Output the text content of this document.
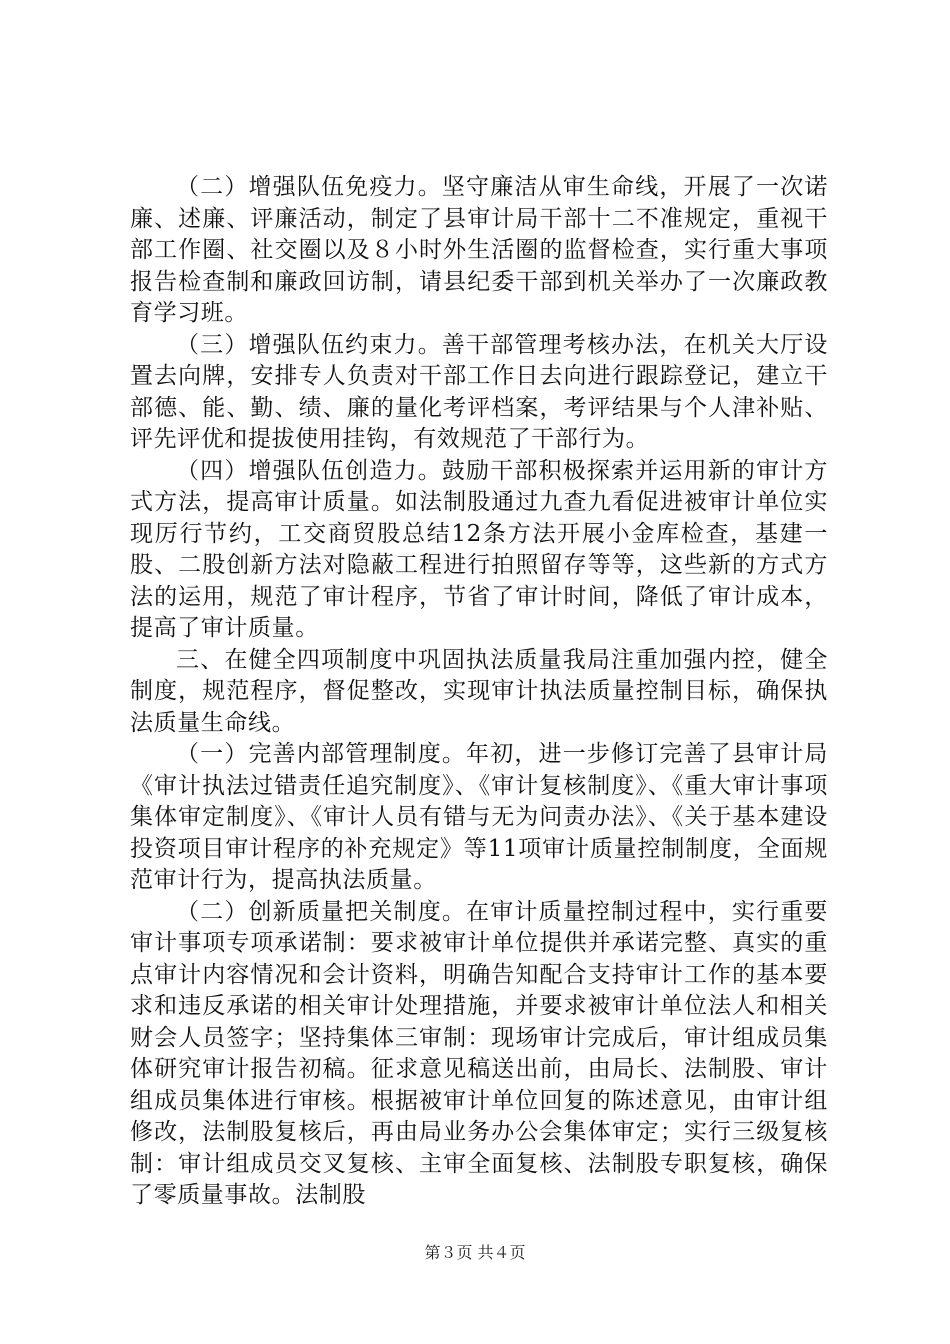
（二）增强队伍免疫力。坚守廉洁从审生命线，开展了一次诺廉、述廉、评廉活动，制定了县审计局干部十二不准规定，重视干部工作圈、社交圈以及８小时外生活圈的监督检查，实行重大事项报告检查制和廉政回访制，请县纪委干部到机关举办了一次廉政教育学习班。

（三）增强队伍约束力。善干部管理考核办法，在机关大厅设置去向牌，安排专人负责对干部工作日去向进行跟踪登记，建立干部德、能、勤、绩、廉的量化考评档案，考评结果与个人津补贴、评先评优和提拔使用挂钩，有效规范了干部行为。

（四）增强队伍创造力。鼓励干部积极探索并运用新的审计方式方法，提高审计质量。如法制股通过九查九看促进被审计单位实现厉行节约，工交商贸股总结12条方法开展小金库检查，基建一股、二股创新方法对隐蔽工程进行拍照留存等等，这些新的方式方法的运用，规范了审计程序，节省了审计时间，降低了审计成本，提高了审计质量。

三、在健全四项制度中巩固执法质量我局注重加强内控，健全制度，规范程序，督促整改，实现审计执法质量控制目标，确保执法质量生命线。

（一）完善内部管理制度。年初，进一步修订完善了县审计局《审计执法过错责任追究制度》、《审计复核制度》、《重大审计事项集体审定制度》、《审计人员有错与无为问责办法》、《关于基本建设投资项目审计程序的补充规定》等11项审计质量控制制度，全面规范审计行为，提高执法质量。

（二）创新质量把关制度。在审计质量控制过程中，实行重要审计事项专项承诺制：要求被审计单位提供并承诺完整、真实的重点审计内容情况和会计资料，明确告知配合支持审计工作的基本要求和违反承诺的相关审计处理措施，并要求被审计单位法人和相关财会人员签字；坚持集体三审制：现场审计完成后，审计组成员集体研究审计报告初稿。征求意见稿送出前，由局长、法制股、审计组成员集体进行审核。根据被审计单位回复的陈述意见，由审计组修改，法制股复核后，再由局业务办公会集体审定；实行三级复核制：审计组成员交叉复核、主审全面复核、法制股专职复核，确保了零质量事故。法制股

第３页 共４页
